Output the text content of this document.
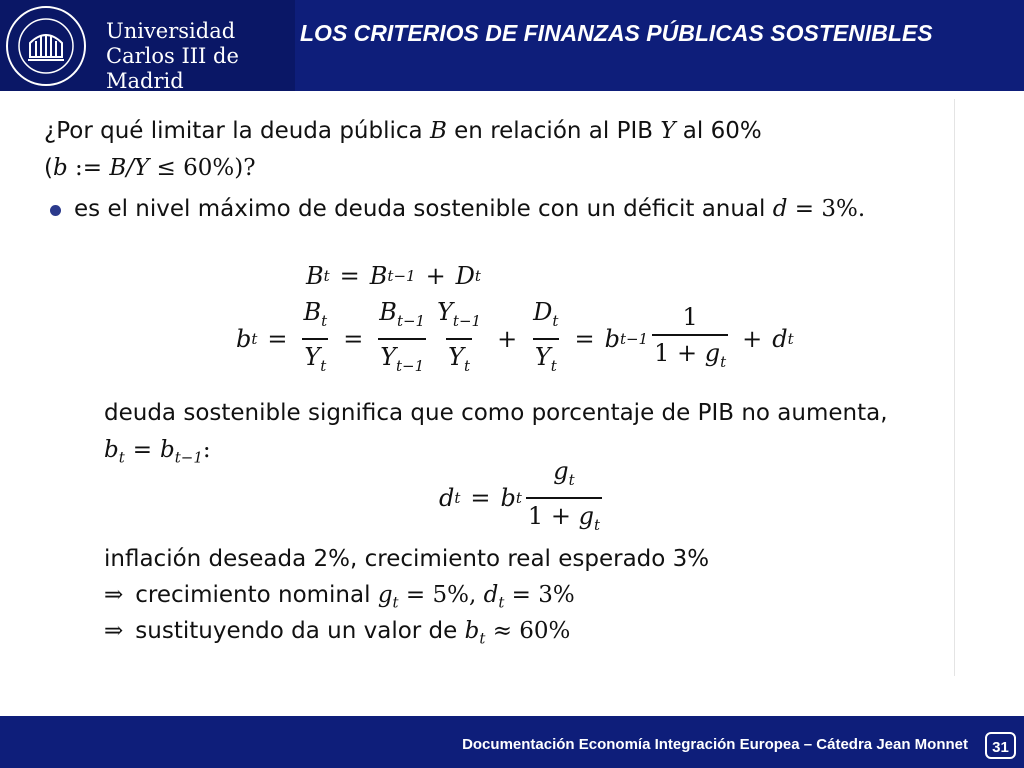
Universidad
Carlos III de Madrid
LOS CRITERIOS DE FINANZAS PÚBLICAS SOSTENIBLES
¿Por qué limitar la deuda pública B en relación al PIB Y al 60%
(b := B/Y ≤ 60%)?
es el nivel máximo de deuda sostenible con un déficit anual d = 3%.
B t = B t−1 + D t
b $t = \frac{B_t}{Y_t} = \frac{B_{t-1}}{Y_{t-1}} \frac{Y_{t-1}}{Y_t} + \frac{D_t}{Y_t} = b$ $t-1 \frac{1}{1 + g_t} + d$ t
deuda sostenible significa que como porcentaje de PIB no aumenta,
$b_t = b_{t-1}$:
d t = b t $\frac{g_t}{1 + g_t}$
inflación deseada 2%, crecimiento real esperado 3%
⇒ crecimiento nominal $g_t = 5\%$, $d_t = 3\%$
⇒ sustituyendo da un valor de $b_t \approx 60\%$
Documentación Economía Integración Europea – Cátedra Jean Monnet	31
